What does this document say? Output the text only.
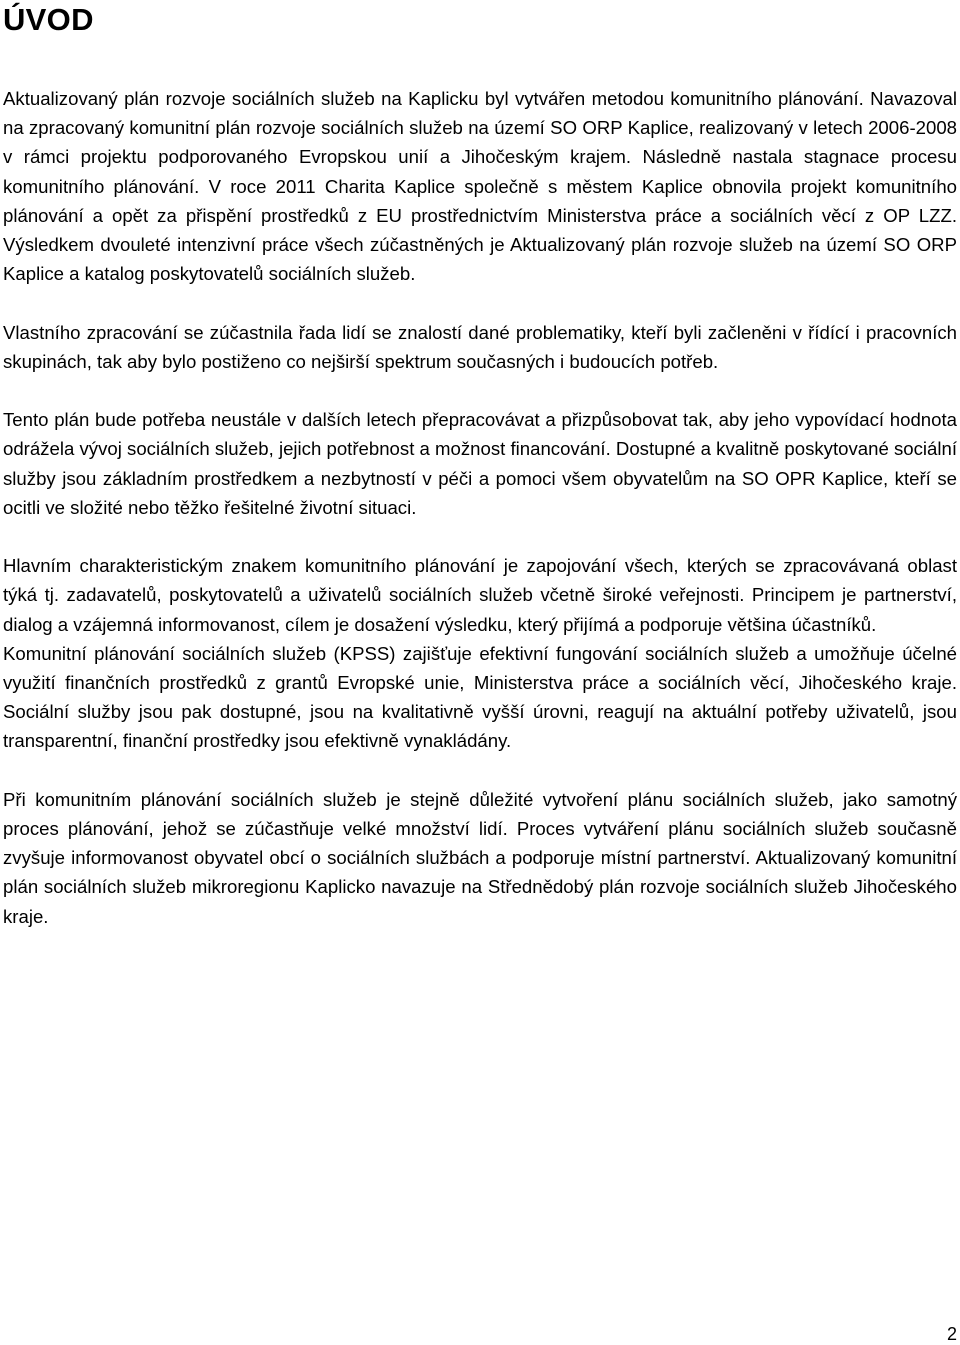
ÚVOD

Aktualizovaný plán rozvoje sociálních služeb na Kaplicku byl vytvářen metodou komunitního plánování. Navazoval na zpracovaný komunitní plán rozvoje sociálních služeb na území SO ORP Kaplice, realizovaný v letech 2006-2008 v rámci projektu podporovaného Evropskou unií a Jihočeským krajem. Následně nastala stagnace procesu komunitního plánování. V roce 2011 Charita Kaplice společně s městem Kaplice obnovila projekt komunitního plánování a opět za přispění prostředků z EU prostřednictvím Ministerstva práce a sociálních věcí z OP LZZ. Výsledkem dvouleté intenzivní práce všech zúčastněných je Aktualizovaný plán rozvoje služeb na území SO ORP Kaplice a katalog poskytovatelů sociálních služeb.

Vlastního zpracování se zúčastnila řada lidí se znalostí dané problematiky, kteří byli začleněni v řídící i pracovních skupinách, tak aby bylo postiženo co nejširší spektrum současných i budoucích potřeb.

Tento plán bude potřeba neustále v dalších letech přepracovávat a přizpůsobovat tak, aby jeho vypovídací hodnota odrážela vývoj sociálních služeb, jejich potřebnost a možnost financování. Dostupné a kvalitně poskytované sociální služby jsou základním prostředkem a nezbytností v péči a pomoci všem obyvatelům na SO OPR Kaplice, kteří se ocitli ve složité nebo těžko řešitelné životní situaci.

Hlavním charakteristickým znakem komunitního plánování je zapojování všech, kterých se zpracovávaná oblast týká tj. zadavatelů, poskytovatelů a uživatelů sociálních služeb včetně široké veřejnosti. Principem je partnerství, dialog a vzájemná informovanost, cílem je dosažení výsledku, který přijímá a podporuje většina účastníků.

Komunitní plánování sociálních služeb (KPSS) zajišťuje efektivní fungování sociálních služeb a umožňuje účelné využití finančních prostředků z grantů Evropské unie, Ministerstva práce a sociálních věcí, Jihočeského kraje. Sociální služby jsou pak dostupné, jsou na kvalitativně vyšší úrovni, reagují na aktuální potřeby uživatelů, jsou transparentní, finanční prostředky jsou efektivně vynakládány.

Při komunitním plánování sociálních služeb je stejně důležité vytvoření plánu sociálních služeb, jako samotný proces plánování, jehož se zúčastňuje velké množství lidí. Proces vytváření plánu sociálních služeb současně zvyšuje informovanost obyvatel obcí o sociálních službách a podporuje místní partnerství. Aktualizovaný komunitní plán sociálních služeb mikroregionu Kaplicko navazuje na Střednědobý plán rozvoje sociálních služeb Jihočeského kraje.

2
